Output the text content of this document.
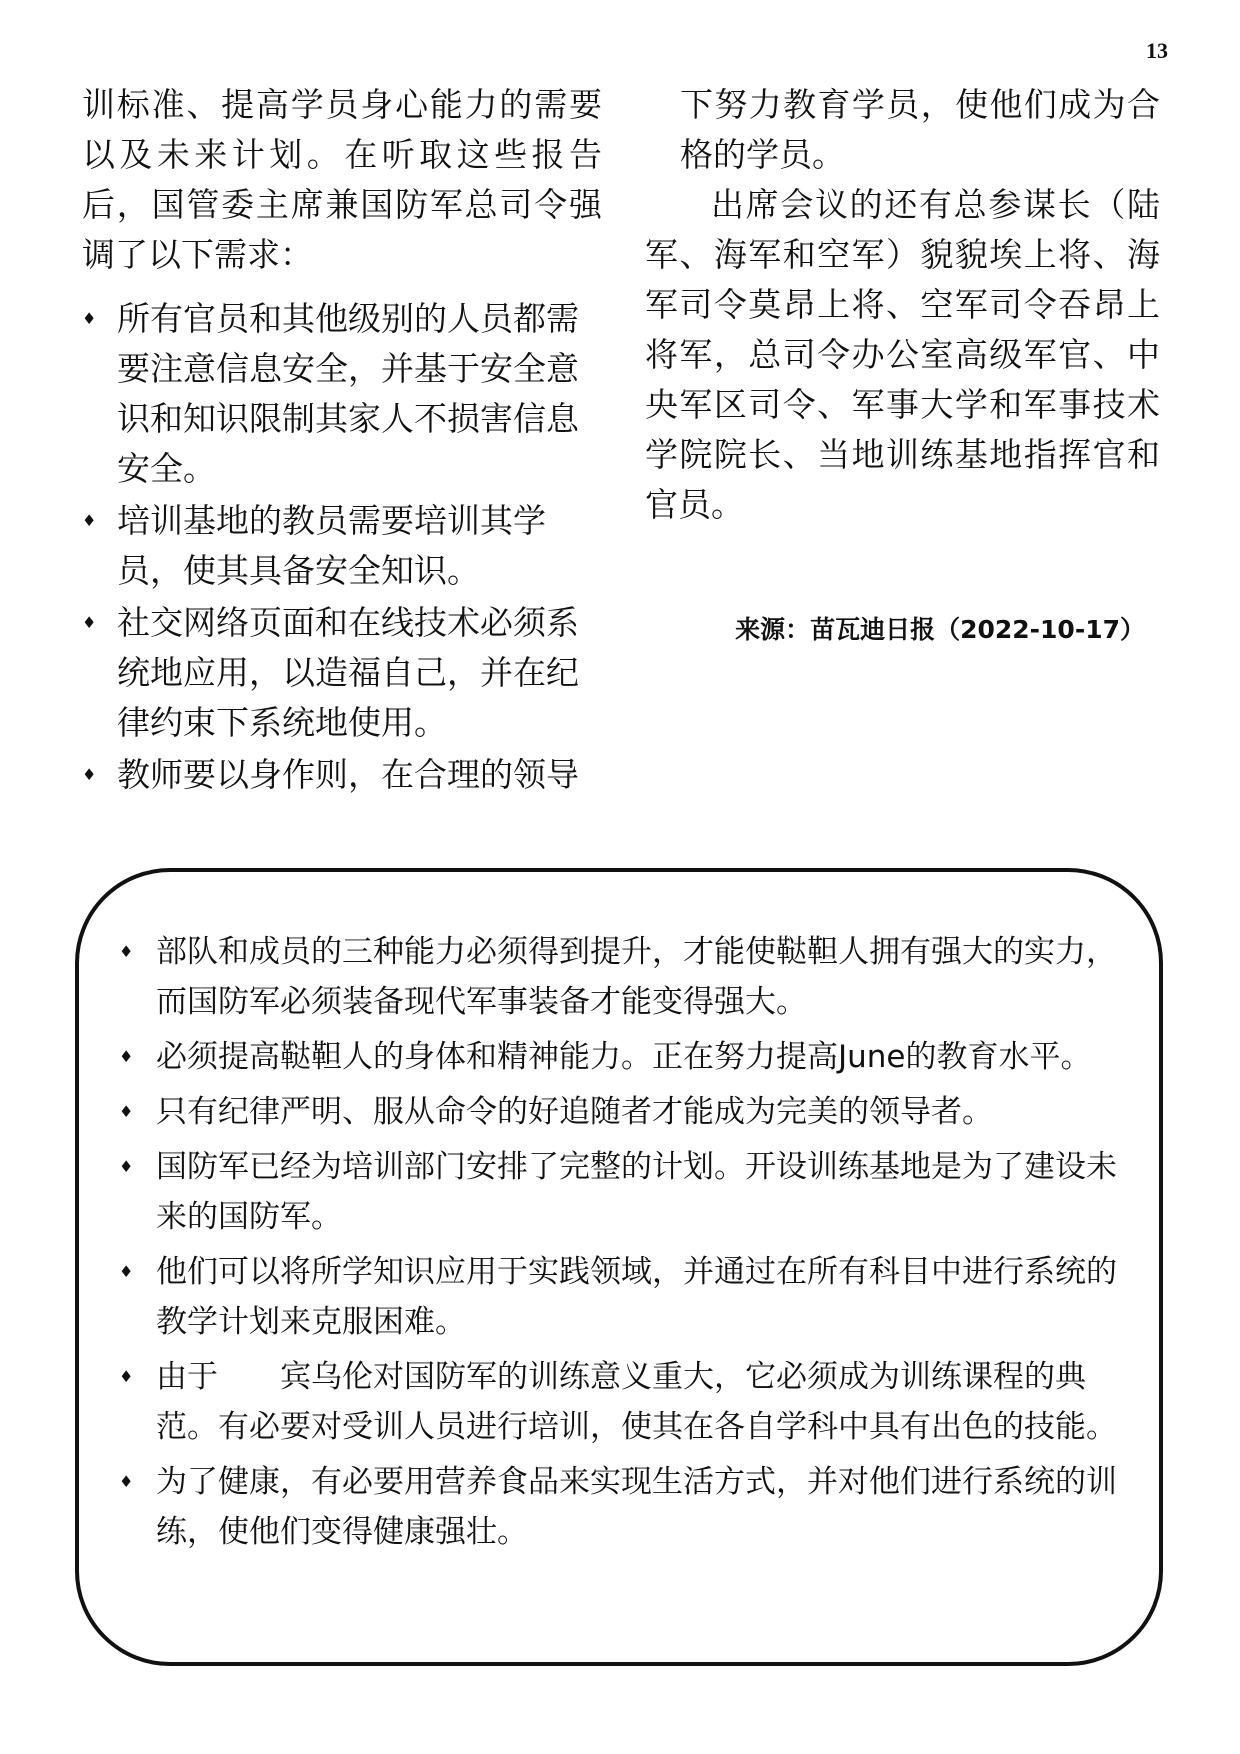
13

训标准、提高学员身心能力的需要以及未来计划。在听取这些报告后，国管委主席兼国防军总司令强调了以下需求：

♦ 所有官员和其他级别的人员都需要注意信息安全，并基于安全意识和知识限制其家人不损害信息安全。
♦ 培训基地的教员需要培训其学员，使其具备安全知识。
♦ 社交网络页面和在线技术必须系统地应用，以造福自己，并在纪律约束下系统地使用。
♦ 教师要以身作则，在合理的领导

下努力教育学员，使他们成为合格的学员。

出席会议的还有总参谋长（陆军、海军和空军）貌貌埃上将、海军司令莫昂上将、空军司令吞昂上将军，总司令办公室高级军官、中央军区司令、军事大学和军事技术学院院长、当地训练基地指挥官和官员。

来源：苗瓦迪日报（2022-10-17）

♦ 部队和成员的三种能力必须得到提升，才能使鞑靼人拥有强大的实力，而国防军必须装备现代军事装备才能变得强大。
♦ 必须提高鞑靼人的身体和精神能力。正在努力提高June的教育水平。
♦ 只有纪律严明、服从命令的好追随者才能成为完美的领导者。
♦ 国防军已经为培训部门安排了完整的计划。开设训练基地是为了建设未来的国防军。
♦ 他们可以将所学知识应用于实践领域，并通过在所有科目中进行系统的教学计划来克服困难。
♦ 由于　　宾乌伦对国防军的训练意义重大，它必须成为训练课程的典范。有必要对受训人员进行培训，使其在各自学科中具有出色的技能。
♦ 为了健康，有必要用营养食品来实现生活方式，并对他们进行系统的训练，使他们变得健康强壮。
